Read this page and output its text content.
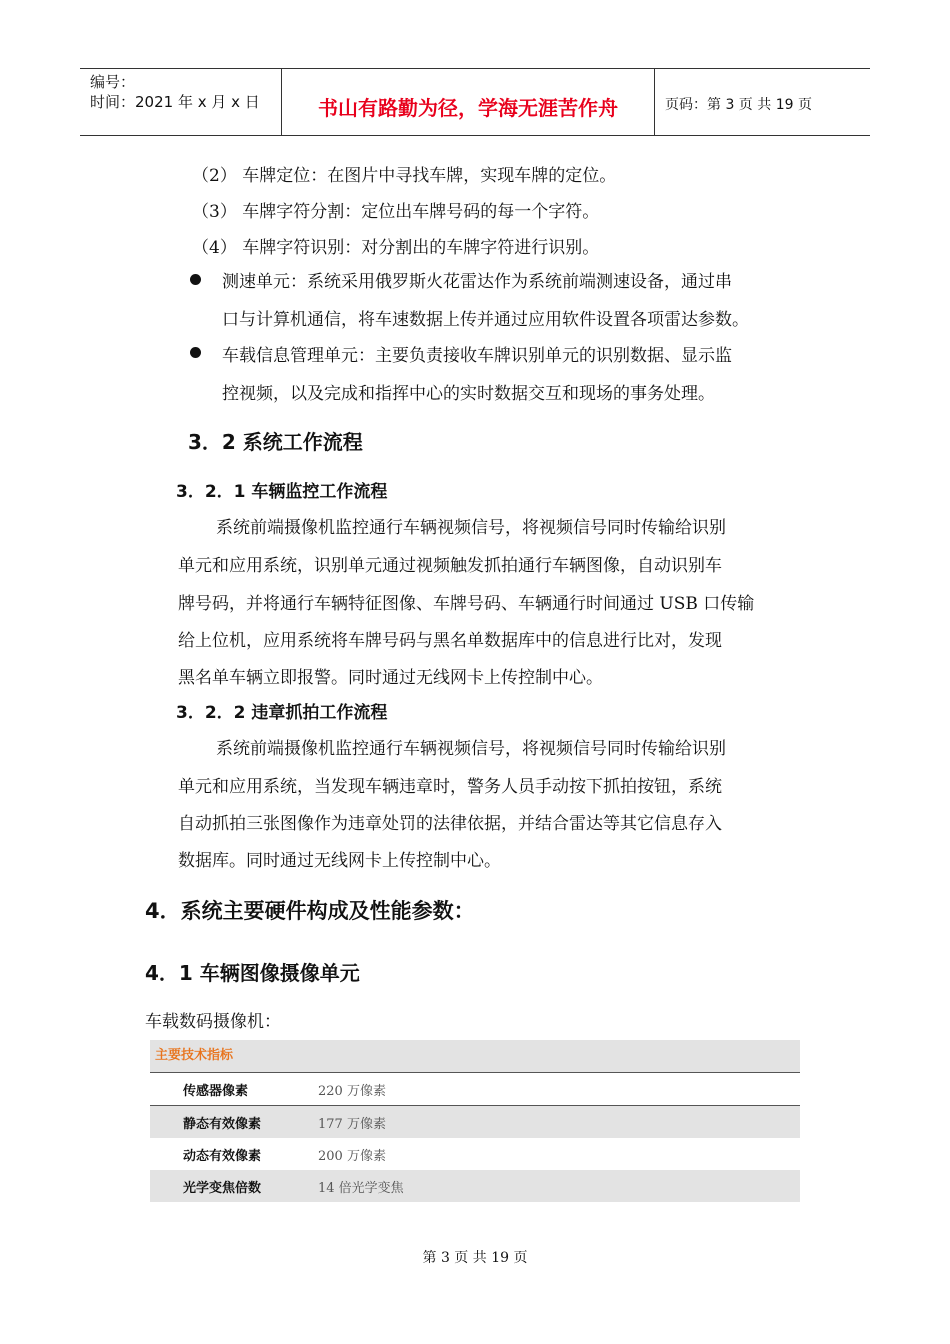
编号：
时间：2021 年 x 月 x 日	书山有路勤为径，学海无涯苦作舟	页码：第 3 页 共 19 页
（2） 车牌定位：在图片中寻找车牌，实现车牌的定位。
（3） 车牌字符分割：定位出车牌号码的每一个字符。
（4） 车牌字符识别：对分割出的车牌字符进行识别。
测速单元：系统采用俄罗斯火花雷达作为系统前端测速设备，通过串
口与计算机通信，将车速数据上传并通过应用软件设置各项雷达参数。
车载信息管理单元：主要负责接收车牌识别单元的识别数据、显示监
控视频，以及完成和指挥中心的实时数据交互和现场的事务处理。
3．2 系统工作流程
3．2．1 车辆监控工作流程
系统前端摄像机监控通行车辆视频信号，将视频信号同时传输给识别
单元和应用系统，识别单元通过视频触发抓拍通行车辆图像，自动识别车
牌号码，并将通行车辆特征图像、车牌号码、车辆通行时间通过 USB 口传输
给上位机，应用系统将车牌号码与黑名单数据库中的信息进行比对，发现
黑名单车辆立即报警。同时通过无线网卡上传控制中心。
3．2．2 违章抓拍工作流程
系统前端摄像机监控通行车辆视频信号，将视频信号同时传输给识别
单元和应用系统，当发现车辆违章时，警务人员手动按下抓拍按钮，系统
自动抓拍三张图像作为违章处罚的法律依据，并结合雷达等其它信息存入
数据库。同时通过无线网卡上传控制中心。
4．系统主要硬件构成及性能参数：
4．1 车辆图像摄像单元
车载数码摄像机：
主要技术指标
传感器像素	220 万像素
静态有效像素	177 万像素
动态有效像素	200 万像素
光学变焦倍数	14 倍光学变焦
第 3 页 共 19 页
